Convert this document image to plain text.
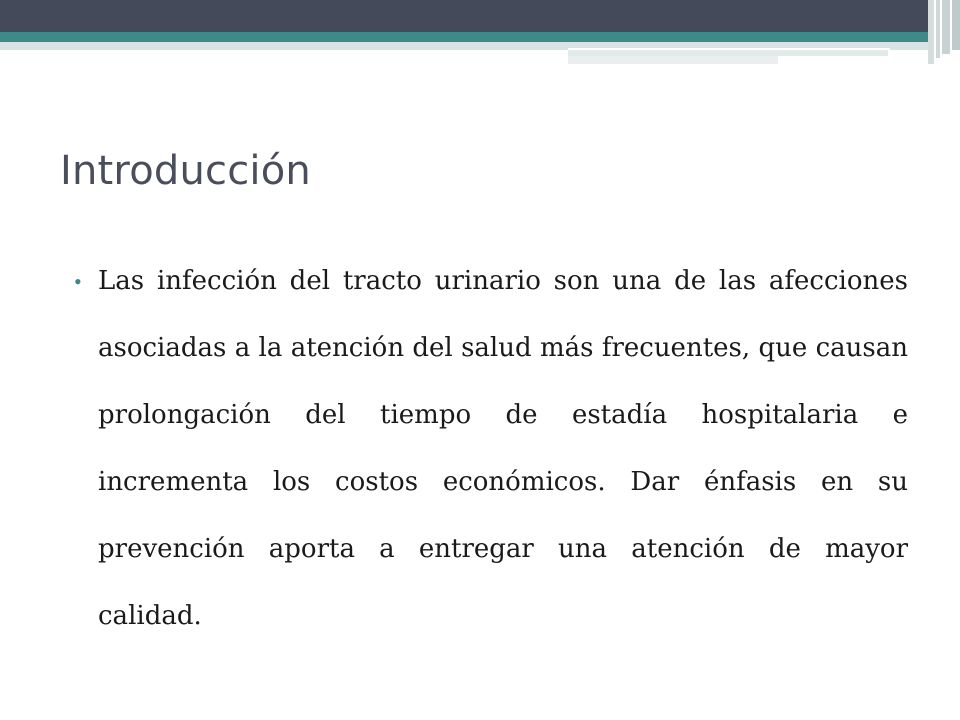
Introducción
• Las infección del tracto urinario son una de las afecciones asociadas a la atención del salud más frecuentes, que causan prolongación del tiempo de estadía hospitalaria e incrementa los costos económicos. Dar énfasis en su prevención aporta a entregar una atención de mayor calidad.
